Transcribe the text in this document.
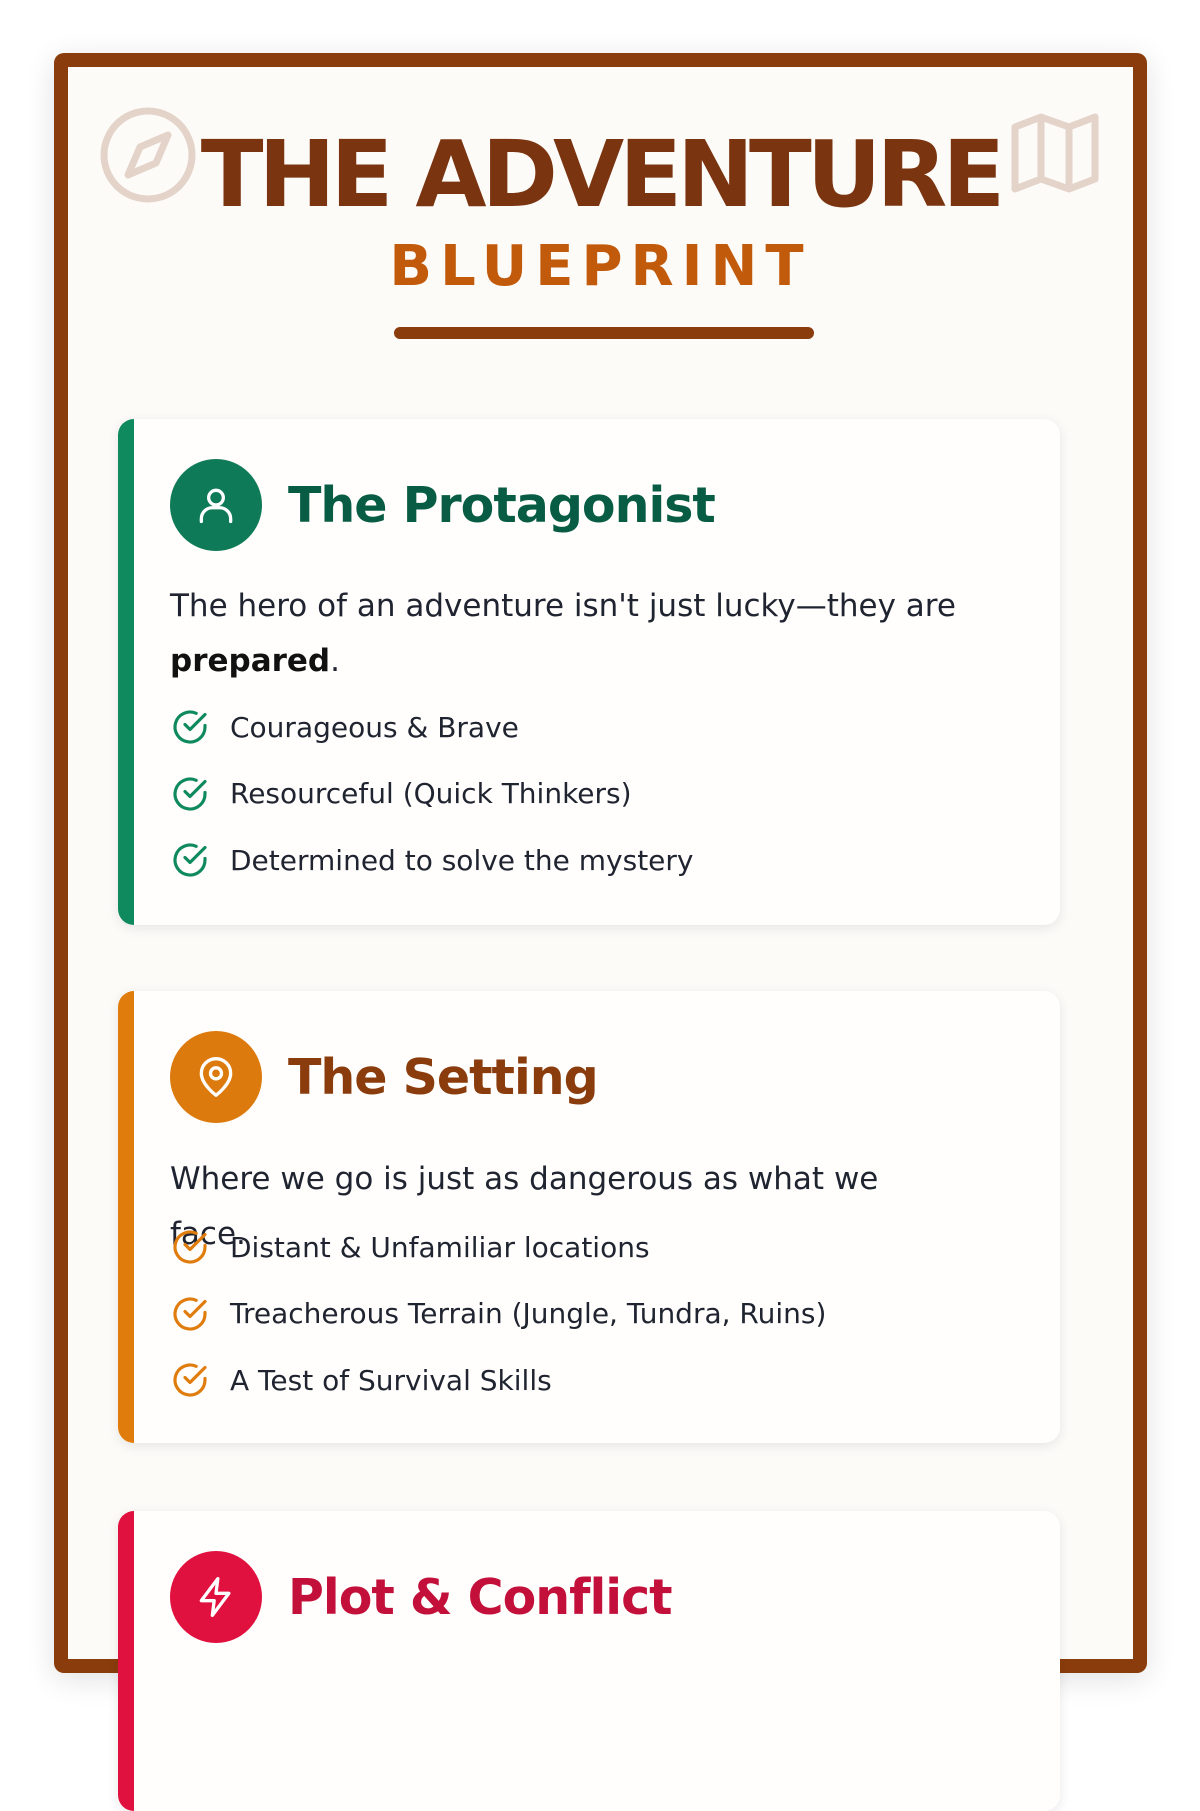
THE ADVENTURE
BLUEPRINT
The Protagonist

The hero of an adventure isn't just lucky—they are prepared.

Courageous & Brave
Resourceful (Quick Thinkers)
Determined to solve the mystery
The Setting

Where we go is just as dangerous as what we face.

Distant & Unfamiliar locations
Treacherous Terrain (Jungle, Tundra, Ruins)
A Test of Survival Skills
Plot & Conflict
